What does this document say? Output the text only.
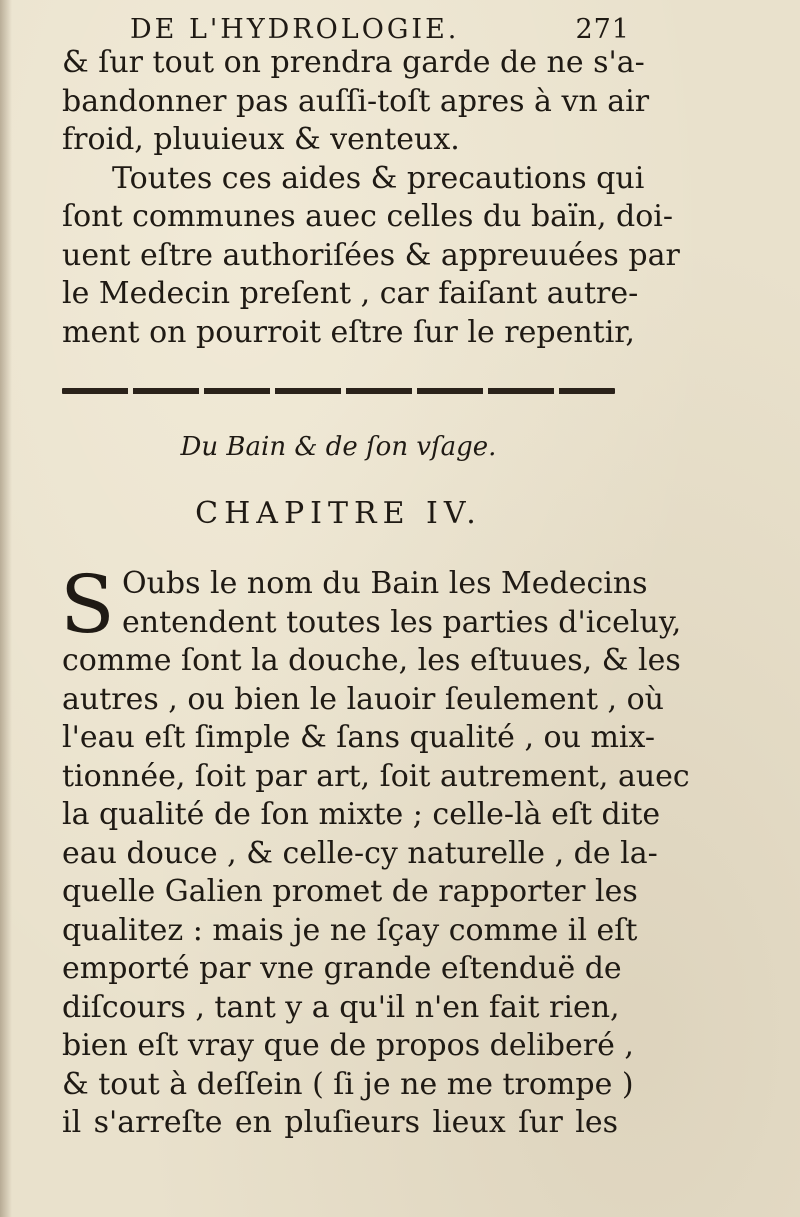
DE L'HYDROLOGIE.	271
& ſur tout on prendra garde de ne s'a-
bandonner pas auſſi-toſt apres à vn air
froid, pluuieux & venteux.
Toutes ces aides & precautions qui
ſont communes auec celles du baïn, doi-
uent eſtre authoriſées & appreuuées par
le Medecin preſent , car faiſant autre-
ment on pourroit eſtre ſur le repentir,
Du Bain & de ſon vſage.
CHAPITRE IV.
S Oubs le nom du Bain les Medecins
entendent toutes les parties d'iceluy,
comme ſont la douche, les eſtuues, & les
autres , ou bien le lauoir ſeulement , où
l'eau eſt ſimple & ſans qualité , ou mix-
tionnée, ſoit par art, ſoit autrement, auec
la qualité de ſon mixte ; celle-là eſt dite
eau douce , & celle-cy naturelle , de la-
quelle Galien promet de rapporter les
qualitez : mais je ne ſçay comme il eſt
emporté par vne grande eſtenduë de
diſcours , tant y a qu'il n'en fait rien,
bien eſt vray que de propos deliberé ,
& tout à deſſein ( ſi je ne me trompe )
il s'arreſte en pluſieurs lieux ſur les
